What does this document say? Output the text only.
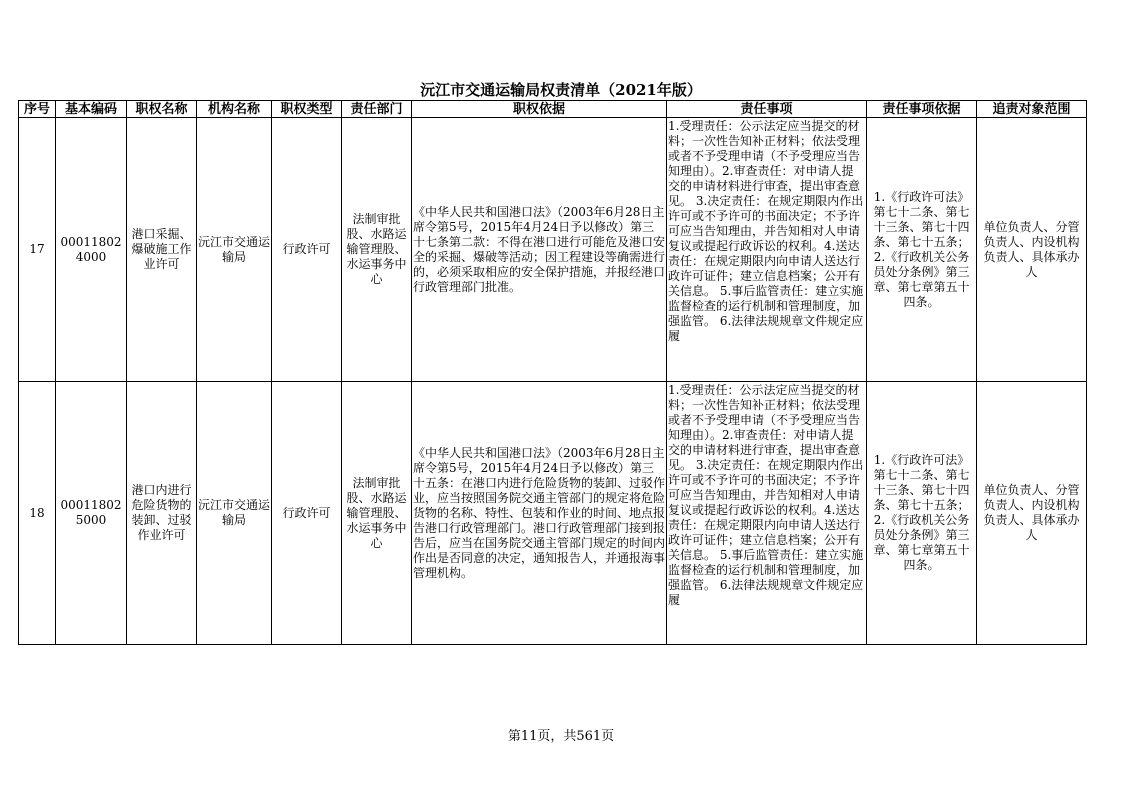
沅江市交通运输局权责清单（2021年版）
序号	基本编码	职权名称	机构名称	职权类型	责任部门	职权依据	责任事项	责任事项依据	追责对象范围
17	000118024000	港口采掘、爆破施工作业许可	沅江市交通运输局	行政许可	法制审批股、水路运输管理股、水运事务中心	《中华人民共和国港口法》（2003年6月28日主席令第5号，2015年4月24日予以修改）第三十七条第二款：不得在港口进行可能危及港口安全的采掘、爆破等活动；因工程建设等确需进行的，必须采取相应的安全保护措施，并报经港口行政管理部门批准。	1.受理责任：公示法定应当提交的材料；一次性告知补正材料；依法受理或者不予受理申请（不予受理应当告知理由）。2.审查责任：对申请人提交的申请材料进行审查，提出审查意见。 3.决定责任：在规定期限内作出许可或不予许可的书面决定；不予许可应当告知理由，并告知相对人申请复议或提起行政诉讼的权利。4.送达责任：在规定期限内向申请人送达行政许可证件；建立信息档案；公开有关信息。 5.事后监管责任：建立实施监督检查的运行机制和管理制度，加强监管。 6.法律法规规章文件规定应履	1.《行政许可法》第七十二条、第七十三条、第七十四条、第七十五条；2.《行政机关公务员处分条例》第三章、第七章第五十四条。	单位负责人、分管负责人、内设机构负责人、具体承办人
18	000118025000	港口内进行危险货物的装卸、过驳作业许可	沅江市交通运输局	行政许可	法制审批股、水路运输管理股、水运事务中心	《中华人民共和国港口法》（2003年6月28日主席令第5号，2015年4月24日予以修改）第三十五条：在港口内进行危险货物的装卸、过驳作业，应当按照国务院交通主管部门的规定将危险货物的名称、特性、包装和作业的时间、地点报告港口行政管理部门。港口行政管理部门接到报告后，应当在国务院交通主管部门规定的时间内作出是否同意的决定，通知报告人，并通报海事管理机构。	1.受理责任：公示法定应当提交的材料；一次性告知补正材料；依法受理或者不予受理申请（不予受理应当告知理由）。2.审查责任：对申请人提交的申请材料进行审查，提出审查意见。 3.决定责任：在规定期限内作出许可或不予许可的书面决定；不予许可应当告知理由，并告知相对人申请复议或提起行政诉讼的权利。4.送达责任：在规定期限内向申请人送达行政许可证件；建立信息档案；公开有关信息。 5.事后监管责任：建立实施监督检查的运行机制和管理制度，加强监管。 6.法律法规规章文件规定应履	1.《行政许可法》第七十二条、第七十三条、第七十四条、第七十五条；2.《行政机关公务员处分条例》第三章、第七章第五十四条。	单位负责人、分管负责人、内设机构负责人、具体承办人
第11页，共561页
